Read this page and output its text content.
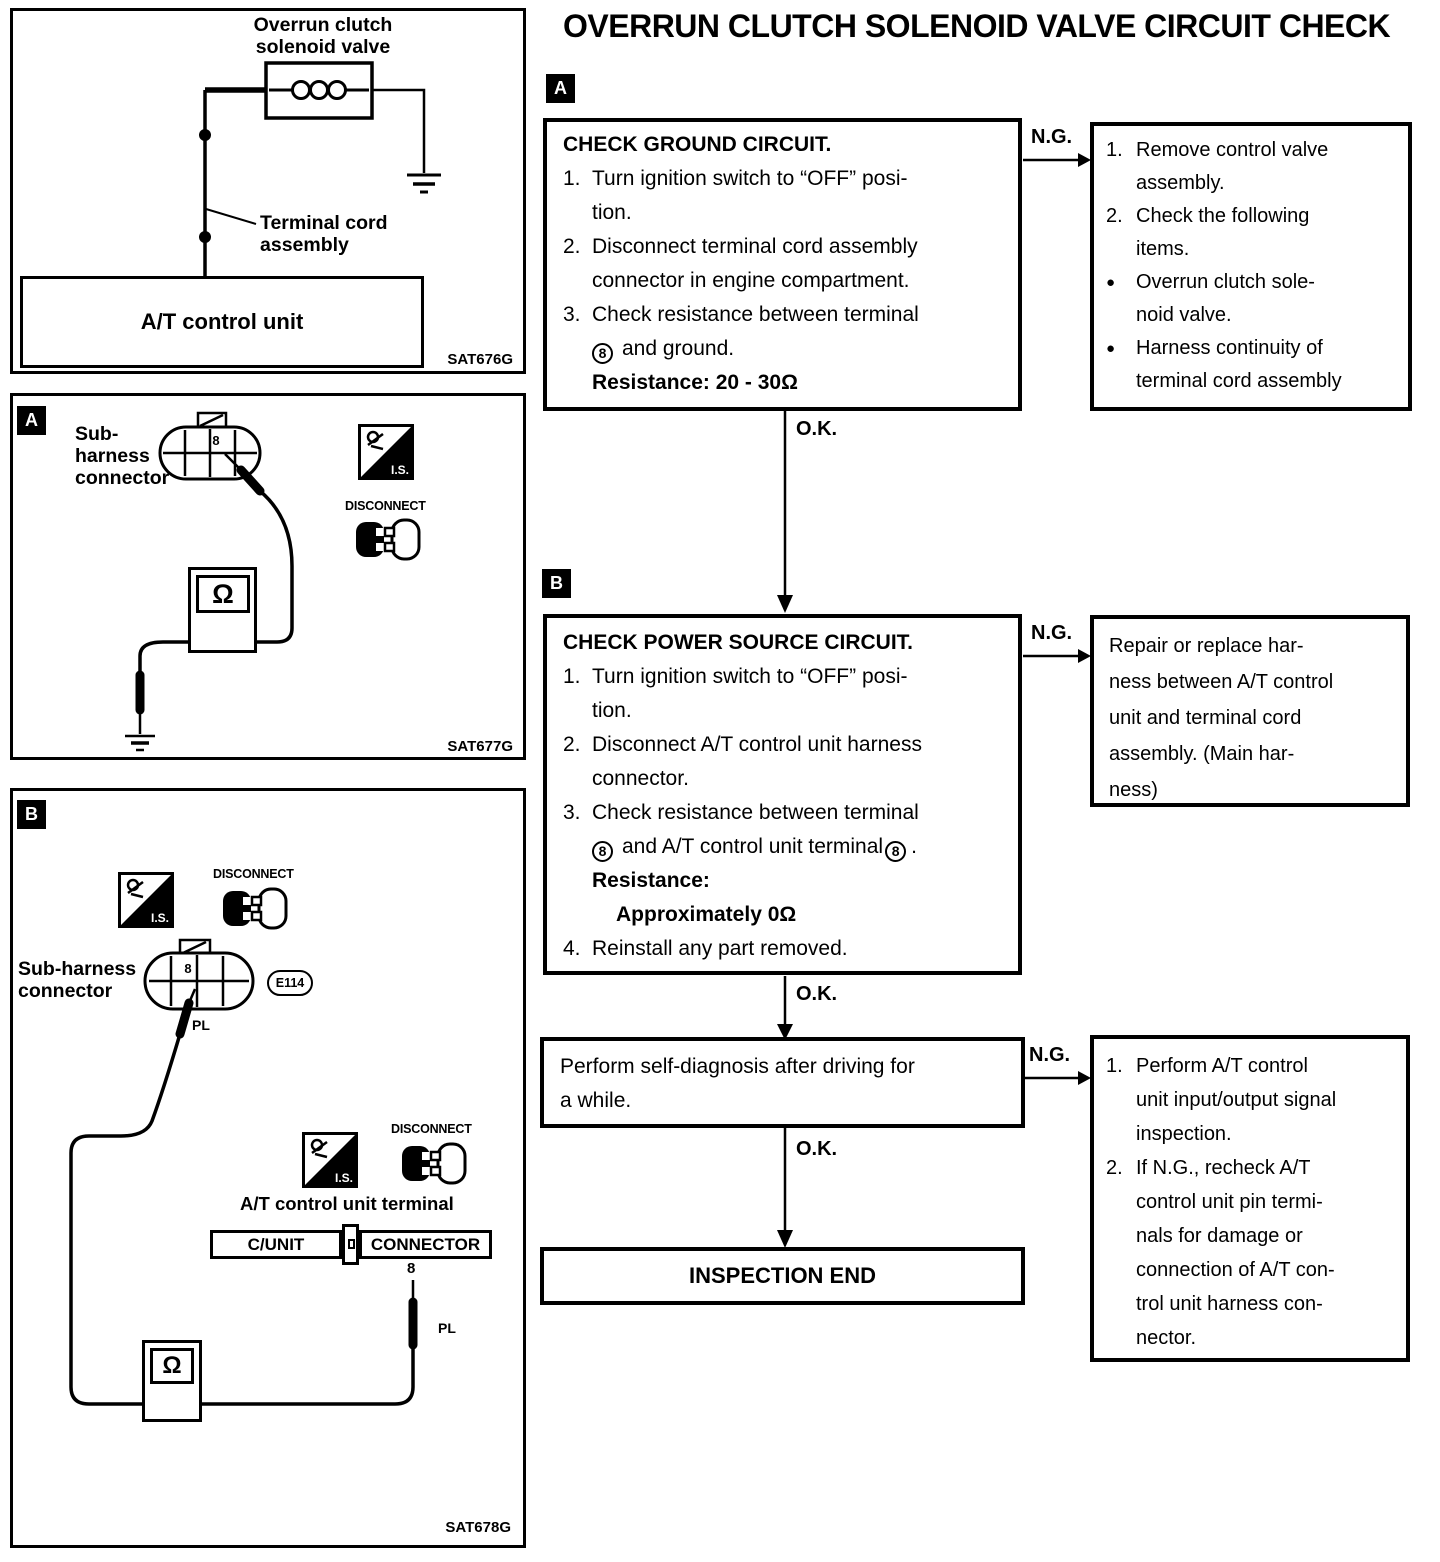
OVERRUN CLUTCH SOLENOID VALVE CIRCUIT CHECK
N.G.
O.K.
N.G.
O.K.
N.G.
O.K.
A
B
CHECK GROUND CIRCUIT.
1. Turn ignition switch to “OFF” posi-
tion.
2. Disconnect terminal cord assembly
connector in engine compartment.
3. Check resistance between terminal
8 and ground.
Resistance: 20 - 30Ω
1. Remove control valve
assembly.
2. Check the following
items.
●	Overrun clutch sole-
noid valve.
●	Harness continuity of
terminal cord assembly
CHECK POWER SOURCE CIRCUIT.
1. Turn ignition switch to “OFF” posi-
tion.
2. Disconnect A/T control unit harness
connector.
3. Check resistance between terminal
8 and A/T control unit terminal 8 .
Resistance:
Approximately 0Ω
4. Reinstall any part removed.
Repair or replace har-
ness between A/T control
unit and terminal cord
assembly. (Main har-
ness)
Perform self-diagnosis after driving for
a while.
1. Perform A/T control
unit input/output signal
inspection.
2. If N.G., recheck A/T
control unit pin termi-
nals for damage or
connection of A/T con-
trol unit harness con-
nector.
INSPECTION END
Overrun clutch
solenoid valve
Terminal cord
assembly
A/T control unit
SAT676G
A
Sub-
harness
connector
8
I.S.
DISCONNECT
Ω
SAT677G
B
I.S.
DISCONNECT
Sub-harness
connector
8
E114
PL
I.S.
DISCONNECT
A/T control unit terminal
C/UNIT	CONNECTOR
8
PL
Ω
SAT678G
